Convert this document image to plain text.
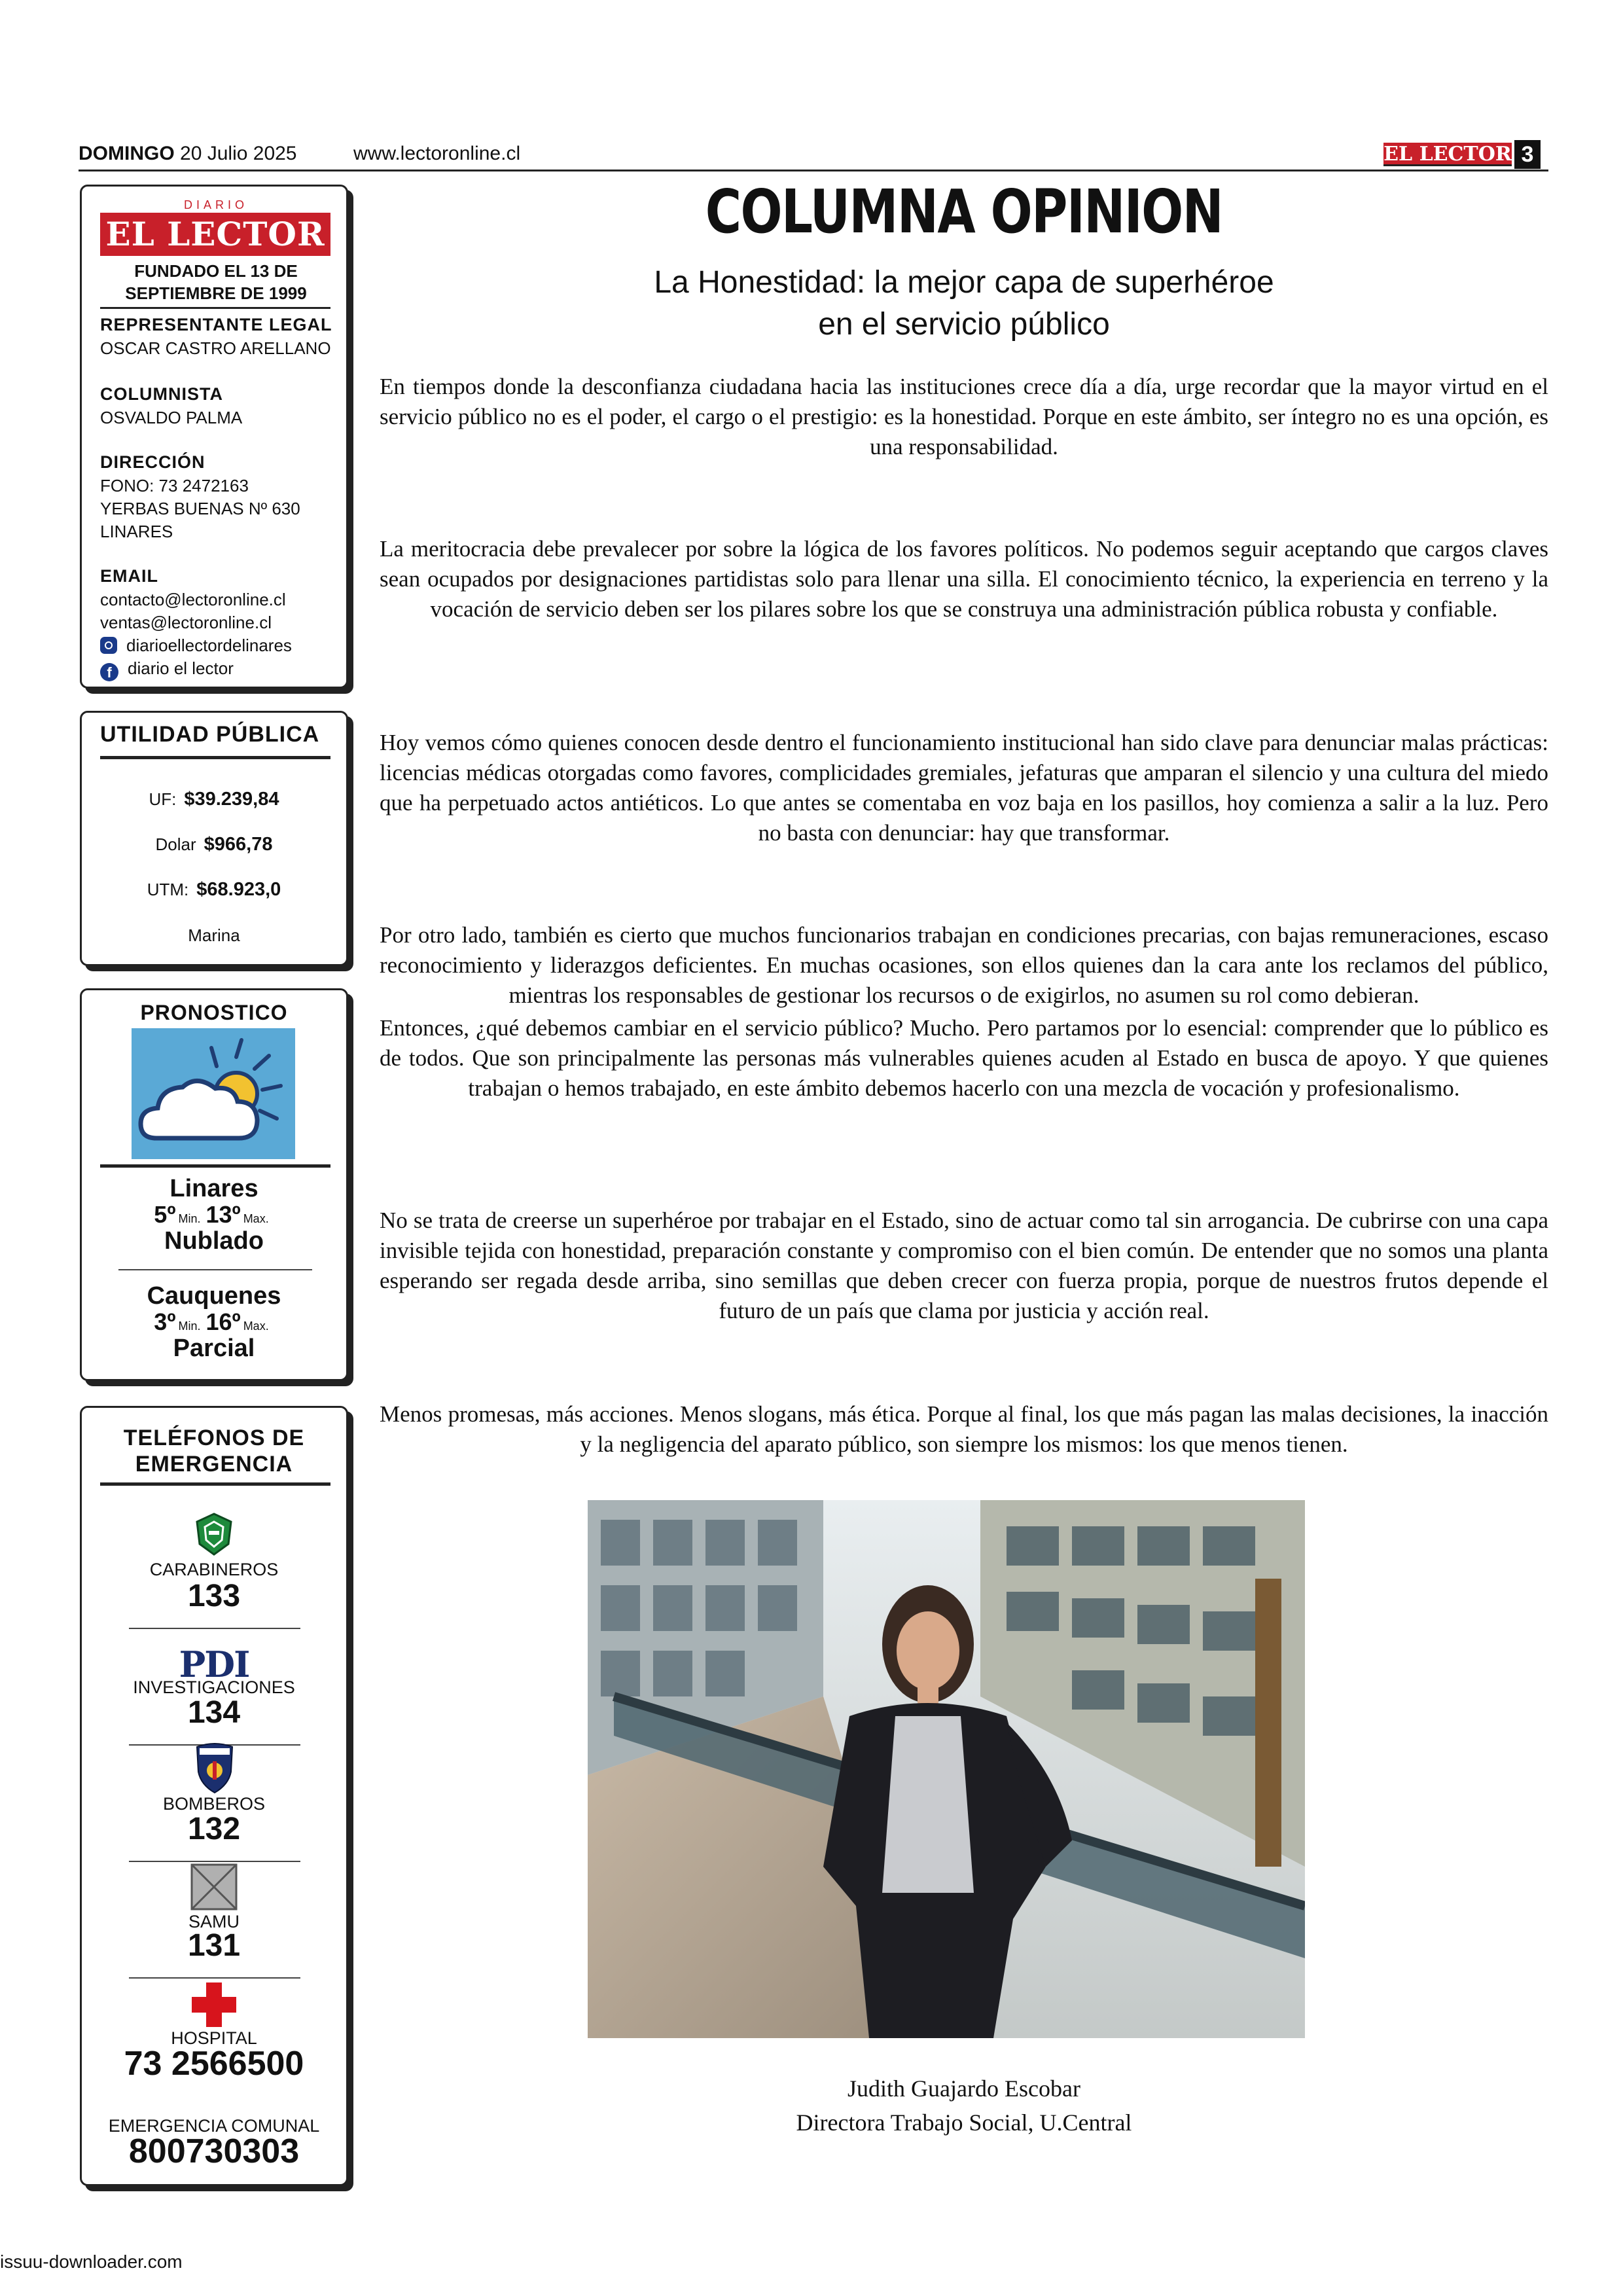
DOMINGO 20 Julio 2025	www.lectoronline.cl	EL LECTOR 3
EL LECTOR
DIARIO
FUNDADO EL 13 DE
SEPTIEMBRE DE 1999
REPRESENTANTE LEGAL
OSCAR CASTRO ARELLANO
COLUMNISTA
OSVALDO PALMA
DIRECCIÓN
FONO: 73 2472163
YERBAS BUENAS Nº 630
LINARES
EMAIL
contacto@lectoronline.cl
ventas@lectoronline.cl
diarioellectordelinares
f diario el lector
UTILIDAD PÚBLICA
UF: $39.239,84
Dolar $966,78
UTM: $68.923,0
Marina
PRONOSTICO
Linares
5º Min. 13º Max.
Nublado
Cauquenes
3º Min. 16º Max.
Parcial
TELÉFONOS DE
EMERGENCIA
CARABINEROS
133
PDI
INVESTIGACIONES
134
BOMBEROS
132
SAMU
131
HOSPITAL
73 2566500
EMERGENCIA COMUNAL
800730303
COLUMNA OPINION
La Honestidad: la mejor capa de superhéroe
en el servicio público

En tiempos donde la desconfianza ciudadana hacia las instituciones crece día a día, urge recordar que la mayor virtud en el servicio público no es el poder, el cargo o el prestigio: es la honestidad. Porque en este ámbito, ser íntegro no es una opción, es una responsabilidad.

La meritocracia debe prevalecer por sobre la lógica de los favores políticos. No podemos seguir aceptando que cargos claves sean ocupados por designaciones partidistas solo para llenar una silla. El conocimiento técnico, la experiencia en terreno y la vocación de servicio deben ser los pilares sobre los que se construya una administración pública robusta y confiable.

Hoy vemos cómo quienes conocen desde dentro el funcionamiento institucional han sido clave para denunciar malas prácticas: licencias médicas otorgadas como favores, complicidades gremiales, jefaturas que amparan el silencio y una cultura del miedo que ha perpetuado actos antiéticos. Lo que antes se comentaba en voz baja en los pasillos, hoy comienza a salir a la luz. Pero no basta con denunciar: hay que transformar.

Por otro lado, también es cierto que muchos funcionarios trabajan en condiciones precarias, con bajas remuneraciones, escaso reconocimiento y liderazgos deficientes. En muchas ocasiones, son ellos quienes dan la cara ante los reclamos del público, mientras los responsables de gestionar los recursos o de exigirlos, no asumen su rol como debieran.

Entonces, ¿qué debemos cambiar en el servicio público? Mucho. Pero partamos por lo esencial: comprender que lo público es de todos. Que son principalmente las personas más vulnerables quienes acuden al Estado en busca de apoyo. Y que quienes trabajan o hemos trabajado, en este ámbito debemos hacerlo con una mezcla de vocación y profesionalismo.

No se trata de creerse un superhéroe por trabajar en el Estado, sino de actuar como tal sin arrogancia. De cubrirse con una capa invisible tejida con honestidad, preparación constante y compromiso con el bien común. De entender que no somos una planta esperando ser regada desde arriba, sino semillas que deben crecer con fuerza propia, porque de nuestros frutos depende el futuro de un país que clama por justicia y acción real.

Menos promesas, más acciones. Menos slogans, más ética. Porque al final, los que más pagan las malas decisiones, la inacción y la negligencia del aparato público, son siempre los mismos: los que menos tienen.

Judith Guajardo Escobar
Directora Trabajo Social, U.Central
issuu-downloader.com
